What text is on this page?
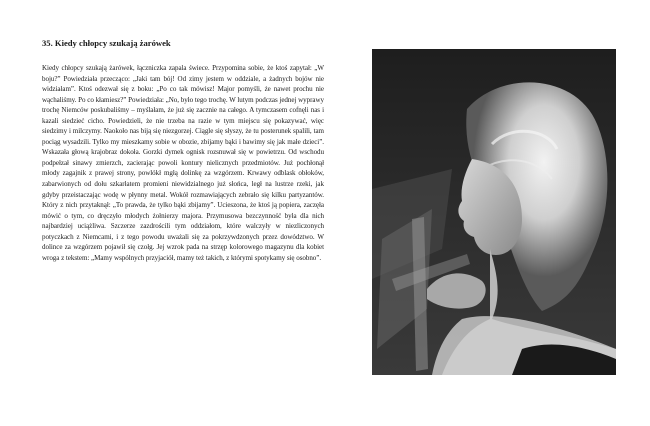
35. Kiedy chłopcy szukają żarówek

Kiedy chłopcy szukają żarówek, łączniczka zapala świece. Przypomina sobie, że ktoś zapytał: „W boju?” Powiedziała przecząco: „Jaki tam bój! Od zimy jestem w oddziale, a żadnych bojów nie widziałam”. Ktoś odezwał się z boku: „Po co tak mówisz! Major pomyśli, że nawet prochu nie wąchaliśmy. Po co kłamiesz?” Powiedziała: „No, było tego trochę. W lutym podczas jednej wyprawy trochę Niemców poskubaliśmy – myślałam, że już się zacznie na całego. A tymczasem cofnęli nas i kazali siedzieć cicho. Powiedzieli, że nie trzeba na razie w tym miejscu się pokazywać, więc siedzimy i milczymy. Naokoło nas biją się niezgorzej. Ciągle się słyszy, że tu posterunek spalili, tam pociąg wysadzili. Tylko my mieszkamy sobie w obozie, zbijamy bąki i bawimy się jak małe dzieci”. Wskazała głową krajobraz dokoła. Gorzki dymek ognisk rozsnuwał się w powietrzu. Od wschodu podpełzał sinawy zmierzch, zacierając powoli kontury nielicznych przedmiotów. Już pochłonął młody zagajnik z prawej strony, powlókł mgłą dolinkę za wzgórzem. Krwawy odblask obłoków, zabarwionych od dołu szkarłatem promieni niewidzialnego już słońca, legł na lustrze rzeki, jak gdyby przeistaczając wodę w płynny metal. Wokół rozmawiających zebrało się kilku partyzantów. Który z nich przytaknął: „To prawda, że tylko bąki zbijamy”. Ucieszona, że ktoś ją popiera, zaczęła mówić o tym, co dręczyło młodych żołnierzy majora. Przymusowa bezczynność była dla nich najbardziej uciążliwa. Szczerze zazdrościli tym oddziałom, które walczyły w niezliczonych potyczkach z Niemcami, i z tego powodu uważali się za pokrzywdzonych przez dowództwo. W dolince za wzgórzem pojawił się czołg. Jej wzrok pada na strzęp kolorowego magazynu dla kobiet wroga z tekstem: „Mamy wspólnych przyjaciół, mamy też takich, z którymi spotykamy się osobno”.
